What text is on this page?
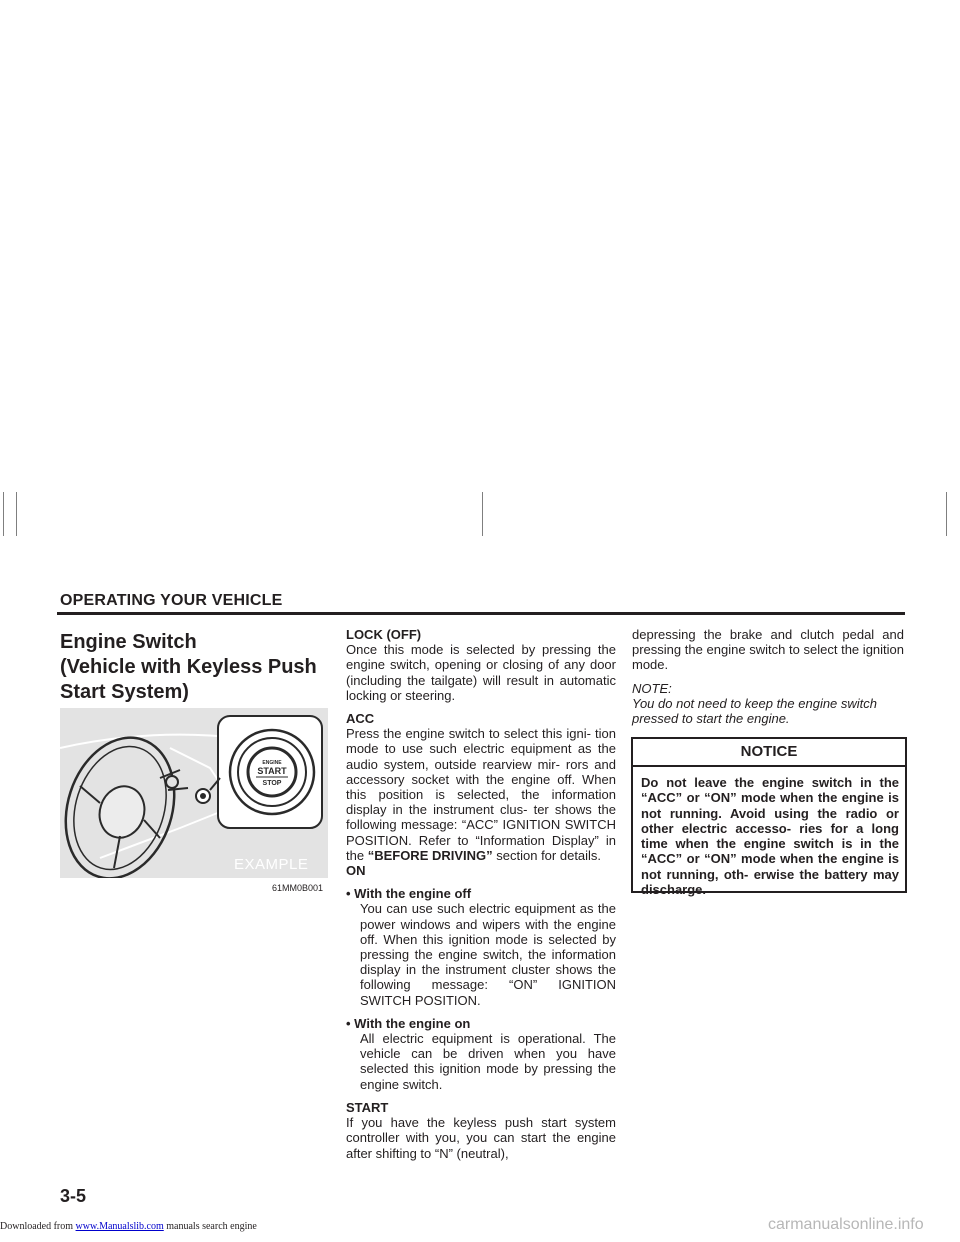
OPERATING YOUR VEHICLE
Engine Switch
(Vehicle with Keyless Push
Start System)
ENGINE
START
STOP
EXAMPLE
61MM0B001

LOCK (OFF)
Once this mode is selected by pressing the engine switch, opening or closing of any door (including the tailgate) will result in automatic locking or steering.

ACC
Press the engine switch to select this igni- tion mode to use such electric equipment as the audio system, outside rearview mir- rors and accessory socket with the engine off. When this position is selected, the information display in the instrument clus- ter shows the following message: “ACC” IGNITION SWITCH POSITION. Refer to “Information Display” in the “BEFORE DRIVING” section for details.
ON

• With the engine off
You can use such electric equipment as the power windows and wipers with the engine off. When this ignition mode is selected by pressing the engine switch, the information display in the instrument cluster shows the following message: “ON” IGNITION SWITCH POSITION.

• With the engine on
All electric equipment is operational. The vehicle can be driven when you have selected this ignition mode by pressing the engine switch.

START
If you have the keyless push start system controller with you, you can start the engine after shifting to “N” (neutral),

depressing the brake and clutch pedal and pressing the engine switch to select the ignition mode.

NOTE:
You do not need to keep the engine switch pressed to start the engine.
NOTICE
Do not leave the engine switch in the “ACC” or “ON” mode when the engine is not running. Avoid using the radio or other electric accesso- ries for a long time when the engine switch is in the “ACC” or “ON” mode when the engine is not running, oth- erwise the battery may discharge.
3-5
Downloaded from www.Manualslib.com manuals search engine	carmanualsonline.info
